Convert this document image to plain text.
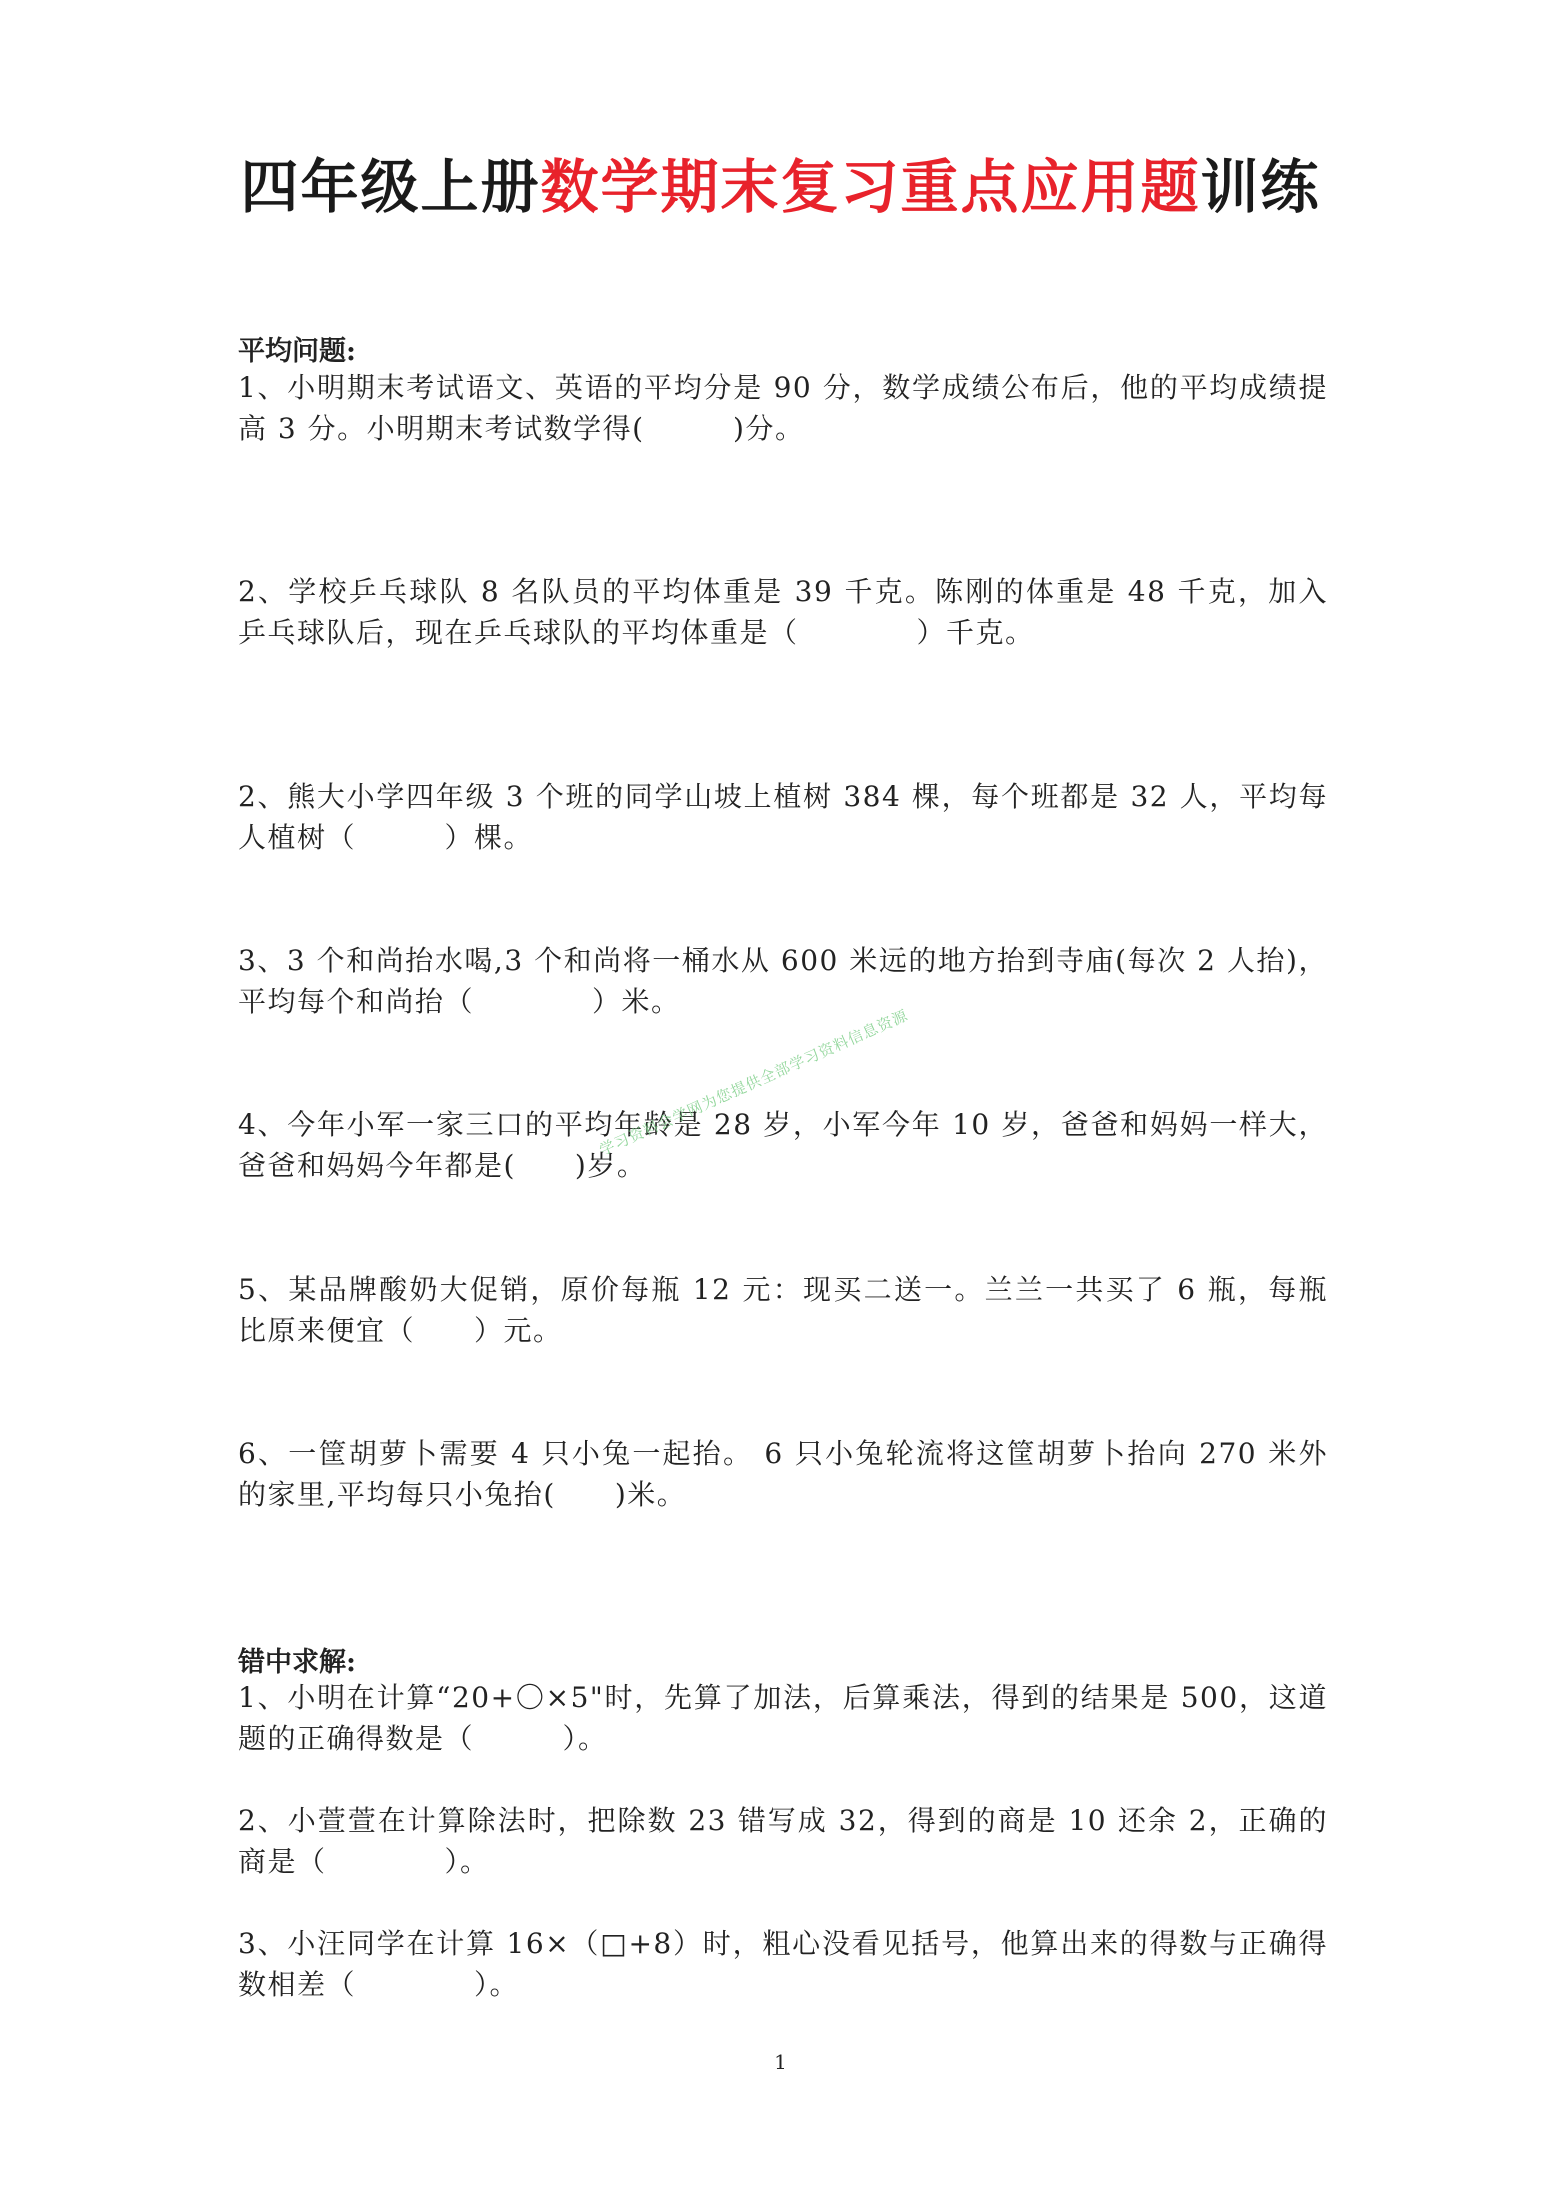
四年级上册数学期末复习重点应用题训练
平均问题:
1、小明期末考试语文、英语的平均分是 90 分，数学成绩公布后，他的平均成绩提高 3 分。小明期末考试数学得(　　　)分。
2、学校乒乓球队 8 名队员的平均体重是 39 千克。陈刚的体重是 48 千克，加入乒乓球队后，现在乒乓球队的平均体重是（　　　　）千克。
2、熊大小学四年级 3 个班的同学山坡上植树 384 棵，每个班都是 32 人，平均每人植树（　　　）棵。
3、3 个和尚抬水喝,3 个和尚将一桶水从 600 米远的地方抬到寺庙(每次 2 人抬)，平均每个和尚抬（　　　　）米。
4、今年小军一家三口的平均年龄是 28 岁，小军今年 10 岁，爸爸和妈妈一样大，爸爸和妈妈今年都是(　　)岁。
5、某品牌酸奶大促销，原价每瓶 12 元：现买二送一。兰兰一共买了 6 瓶，每瓶比原来便宜（　　）元。
6、一筐胡萝卜需要 4 只小兔一起抬。 6 只小兔轮流将这筐胡萝卜抬向 270 米外的家里,平均每只小兔抬(　　)米。
错中求解:
1、小明在计算“20+〇×5"时，先算了加法，后算乘法，得到的结果是 500，这道题的正确得数是（　　　）。
2、小萱萱在计算除法时，把除数 23 错写成 32，得到的商是 10 还余 2，正确的商是（　　　　）。
3、小汪同学在计算 16×（□+8）时，粗心没看见括号，他算出来的得数与正确得数相差（　　　　）。
学习资料会学网为您提供全部学习资料信息资源
1
